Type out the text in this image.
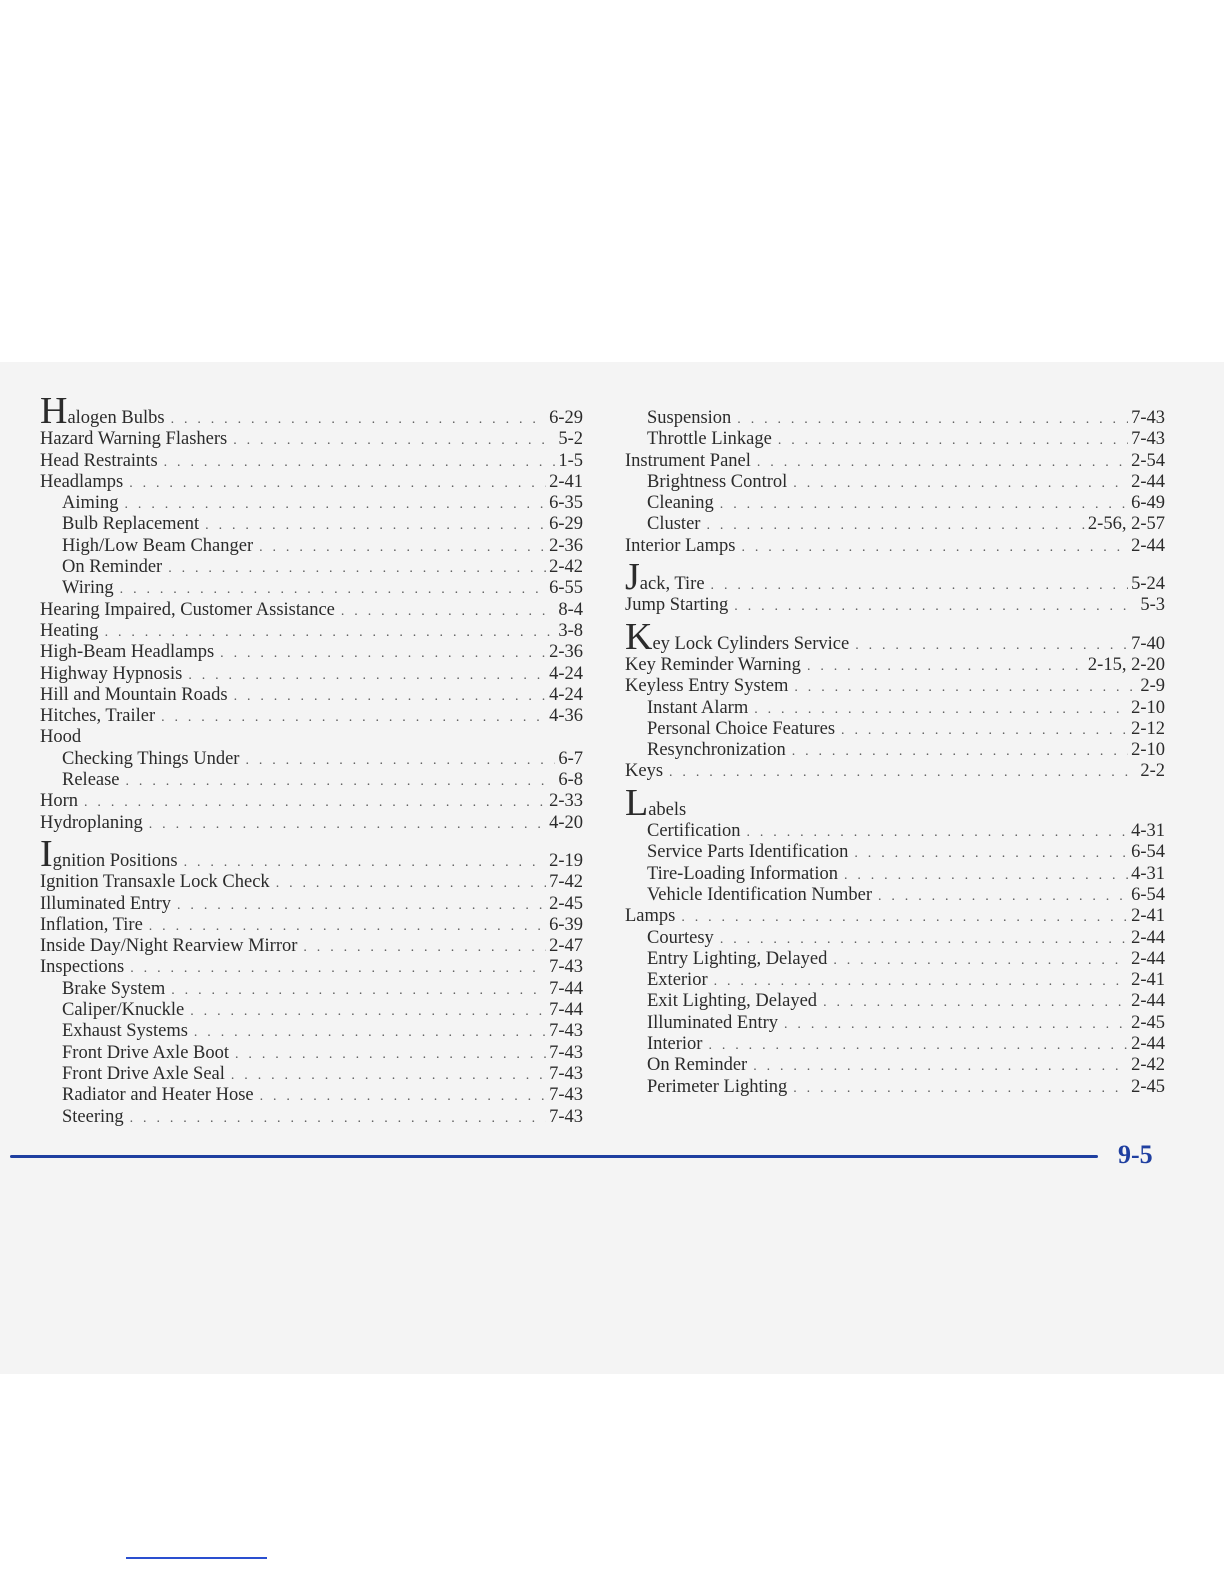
Halogen Bulbs . . .	6-29
Hazard Warning Flashers . . .	5-2
Head Restraints . . .	1-5
Headlamps . . .	2-41
Aiming . . .	6-35
Bulb Replacement . . .	6-29
High/Low Beam Changer . . .	2-36
On Reminder . . .	2-42
Wiring . . .	6-55
Hearing Impaired, Customer Assistance . . .	8-4
Heating . . .	3-8
High-Beam Headlamps . . .	2-36
Highway Hypnosis . . .	4-24
Hill and Mountain Roads . . .	4-24
Hitches, Trailer . . .	4-36
Hood
Checking Things Under . . .	6-7
Release . . .	6-8
Horn . . .	2-33
Hydroplaning . . .	4-20
Ignition Positions . . .	2-19
Ignition Transaxle Lock Check . . .	7-42
Illuminated Entry . . .	2-45
Inflation, Tire . . .	6-39
Inside Day/Night Rearview Mirror . . .	2-47
Inspections . . .	7-43
Brake System . . .	7-44
Caliper/Knuckle . . .	7-44
Exhaust Systems . . .	7-43
Front Drive Axle Boot . . .	7-43
Front Drive Axle Seal . . .	7-43
Radiator and Heater Hose . . .	7-43
Steering . . .	7-43
Suspension . . .	7-43
Throttle Linkage . . .	7-43
Instrument Panel . . .	2-54
Brightness Control . . .	2-44
Cleaning . . .	6-49
Cluster . . .	2-56, 2-57
Interior Lamps . . .	2-44
Jack, Tire . . .	5-24
Jump Starting . . .	5-3
Key Lock Cylinders Service . . .	7-40
Key Reminder Warning . . .	2-15, 2-20
Keyless Entry System . . .	2-9
Instant Alarm . . .	2-10
Personal Choice Features . . .	2-12
Resynchronization . . .	2-10
Keys . . .	2-2
Labels
Certification . . .	4-31
Service Parts Identification . . .	6-54
Tire-Loading Information . . .	4-31
Vehicle Identification Number . . .	6-54
Lamps . . .	2-41
Courtesy . . .	2-44
Entry Lighting, Delayed . . .	2-44
Exterior . . .	2-41
Exit Lighting, Delayed . . .	2-44
Illuminated Entry . . .	2-45
Interior . . .	2-44
On Reminder . . .	2-42
Perimeter Lighting . . .	2-45
9-5
